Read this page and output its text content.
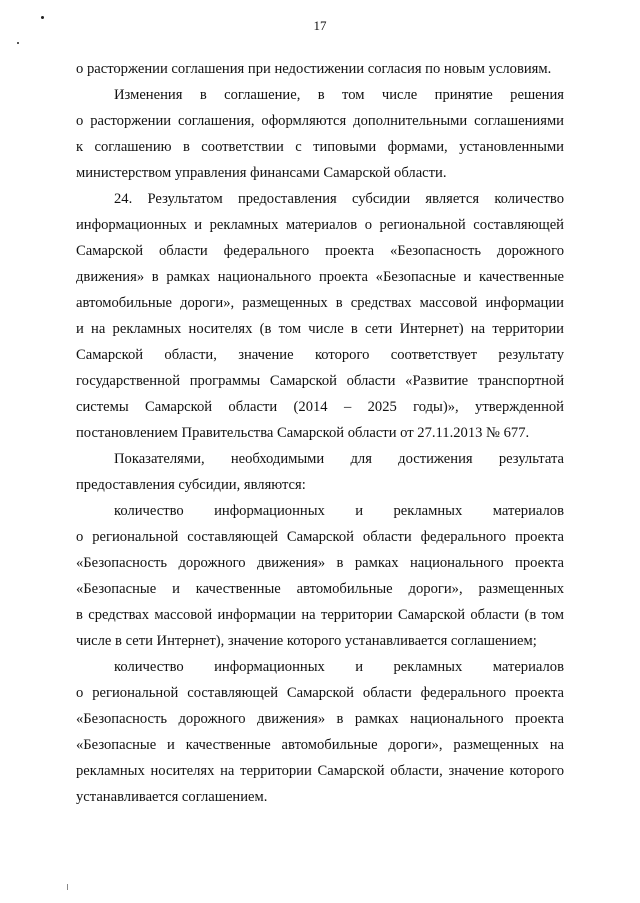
17
о расторжении соглашения при недостижении согласия по новым условиям.
Изменения в соглашение, в том числе принятие решения
о расторжении соглашения, оформляются дополнительными соглашениями
к соглашению в соответствии с типовыми формами, установленными
министерством управления финансами Самарской области.
24. Результатом предоставления субсидии является количество
информационных и рекламных материалов о региональной составляющей
Самарской области федерального проекта «Безопасность дорожного
движения» в рамках национального проекта «Безопасные и качественные
автомобильные дороги», размещенных в средствах массовой информации
и на рекламных носителях (в том числе в сети Интернет) на территории
Самарской области, значение которого соответствует результату
государственной программы Самарской области «Развитие транспортной
системы Самарской области (2014 – 2025 годы)», утвержденной
постановлением Правительства Самарской области от 27.11.2013 № 677.
Показателями, необходимыми для достижения результата
предоставления субсидии, являются:
количество информационных и рекламных материалов
о региональной составляющей Самарской области федерального проекта
«Безопасность дорожного движения» в рамках национального проекта
«Безопасные и качественные автомобильные дороги», размещенных
в средствах массовой информации на территории Самарской области (в том
числе в сети Интернет), значение которого устанавливается соглашением;
количество информационных и рекламных материалов
о региональной составляющей Самарской области федерального проекта
«Безопасность дорожного движения» в рамках национального проекта
«Безопасные и качественные автомобильные дороги», размещенных на
рекламных носителях на территории Самарской области, значение которого
устанавливается соглашением.
